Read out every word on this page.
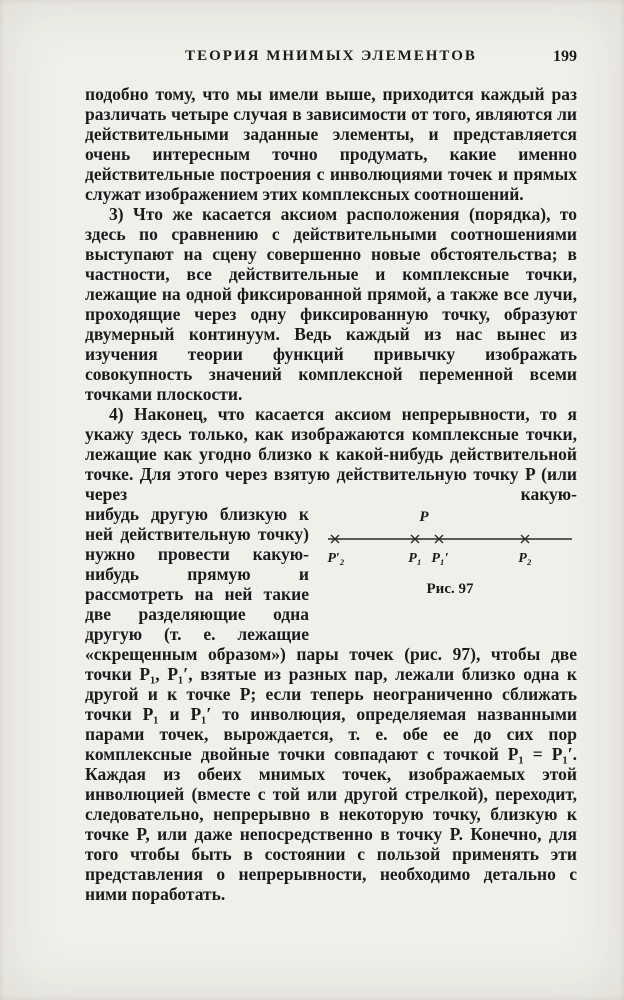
ТЕОРИЯ МНИМЫХ ЭЛЕМЕНТОВ	199

подобно тому, что мы имели выше, приходится каждый раз различать четыре случая в зависимости от того, являются ли действительными заданные элементы, и представляется очень интересным точно продумать, какие именно действительные построения с инволюциями точек и прямых служат изображением этих комплексных соотношений.

3) Что же касается аксиом расположения (порядка), то здесь по сравнению с действительными соотношениями выступают на сцену совершенно новые обстоятельства; в частности, все действительные и комплексные точки, лежащие на одной фиксированной прямой, а также все лучи, проходящие через одну фиксированную точку, образуют двумерный континуум. Ведь каждый из нас вынес из изучения теории функций привычку изображать совокупность значений комплексной переменной всеми точками плоскости.

4) Наконец, что касается аксиом непрерывности, то я укажу здесь только, как изображаются комплексные точки, лежащие как угодно близко к какой-нибудь действительной точке. Для этого через взятую действительную точку P (или через какую-

P
P′₂	P₁ P₁′	P₂
Рис. 97
нибудь другую близкую к ней действительную точку) нужно провести какую-нибудь прямую и рассмотреть на ней такие две разделяющие одна другую (т. е. лежащие «скрещенным образом») пары точек (рис. 97), чтобы две точки P₁, P₁′, взятые из разных пар, лежали близко одна к другой и к точке P; если теперь неограниченно сближать точки P₁ и P₁′ то инволюция, определяемая названными парами точек, вырождается, т. е. обе ее до сих пор комплексные двойные точки совпадают с точкой P₁ = P₁′. Каждая из обеих мнимых точек, изображаемых этой инволюцией (вместе с той или другой стрелкой), переходит, следовательно, непрерывно в некоторую точку, близкую к точке P, или даже непосредственно в точку P. Конечно, для того чтобы быть в состоянии с пользой применять эти представления о непрерывности, необходимо детально с ними поработать.
